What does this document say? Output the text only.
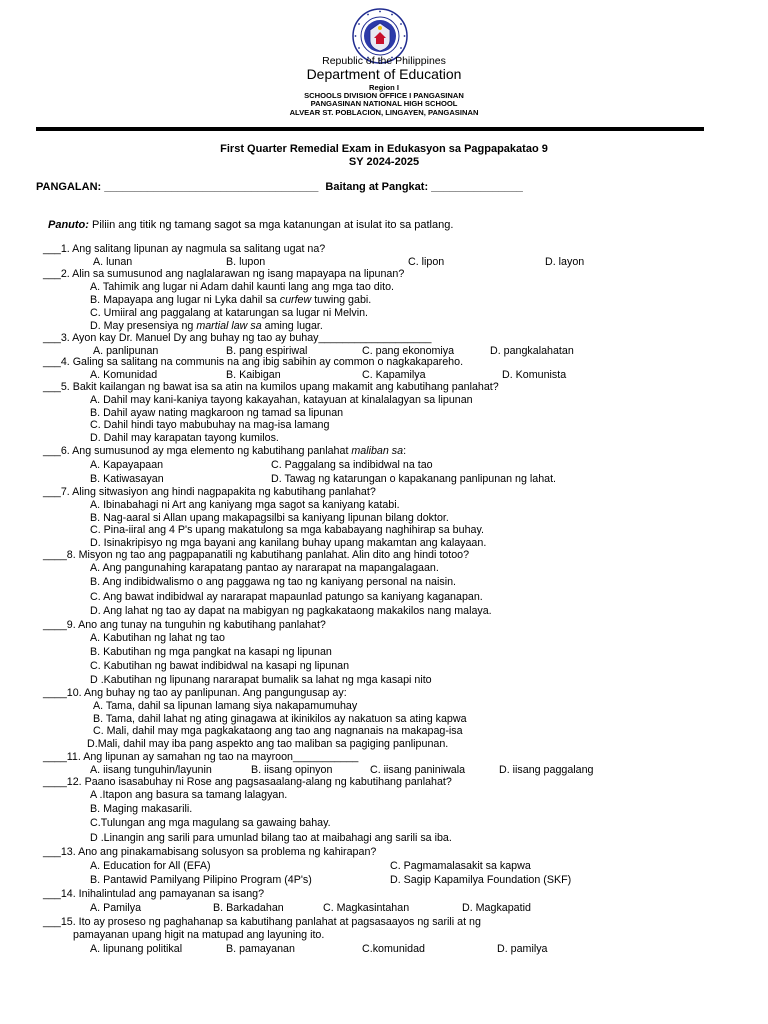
Republic of the Philippines
Department of Education
Region I
SCHOOLS DIVISION OFFICE I PANGASINAN
PANGASINAN NATIONAL HIGH SCHOOL
ALVEAR ST. POBLACION, LINGAYEN, PANGASINAN
First Quarter Remedial Exam in Edukasyon sa Pagpapakatao 9
SY 2024-2025
PANGALAN: ___________________________________ Baitang at Pangkat: _______________
Panuto: Piliin ang titik ng tamang sagot sa mga katanungan at isulat ito sa patlang.
___1. Ang salitang lipunan ay nagmula sa salitang ugat na?
A. lunan	B. lupon	C. lipon	D. layon
___2. Alin sa sumusunod ang naglalarawan ng isang mapayapa na lipunan?
A. Tahimik ang lugar ni Adam dahil kaunti lang ang mga tao dito.
B. Mapayapa ang lugar ni Lyka dahil sa curfew tuwing gabi.
C. Umiiral ang paggalang at katarungan sa lugar ni Melvin.
D. May presensiya ng martial law sa aming lugar.
___3. Ayon kay Dr. Manuel Dy ang buhay ng tao ay buhay___________________
A. panlipunan	B. pang espiriwal	C. pang ekonomiya	D. pangkalahatan
___4. Galing sa salitang na communis na ang ibig sabihin ay common o nagkakapareho.
A. Komunidad	B. Kaibigan	C. Kapamilya	D. Komunista
___5. Bakit kailangan ng bawat isa sa atin na kumilos upang makamit ang kabutihang panlahat?
A. Dahil may kani-kaniya tayong kakayahan, katayuan at kinalalagyan sa lipunan
B. Dahil ayaw nating magkaroon ng tamad sa lipunan
C. Dahil hindi tayo mabubuhay na mag-isa lamang
D. Dahil may karapatan tayong kumilos.
___6. Ang sumusunod ay mga elemento ng kabutihang panlahat maliban sa:
A. Kapayapaan	C. Paggalang sa indibidwal na tao
B. Katiwasayan	D. Tawag ng katarungan o kapakanang panlipunan ng lahat.
___7. Aling sitwasiyon ang hindi nagpapakita ng kabutihang panlahat?
A. Ibinabahagi ni Art ang kaniyang mga sagot sa kaniyang katabi.
B. Nag-aaral si Allan upang makapagsilbi sa kaniyang lipunan bilang doktor.
C. Pina-iiral ang 4 P's upang makatulong sa mga kababayang naghihirap sa buhay.
D. Isinakripisyo ng mga bayani ang kanilang buhay upang makamtan ang kalayaan.
____8. Misyon ng tao ang pagpapanatili ng kabutihang panlahat. Alin dito ang hindi totoo?
A. Ang pangunahing karapatang pantao ay nararapat na mapangalagaan.
B. Ang indibidwalismo o ang paggawa ng tao ng kaniyang personal na naisin.
C. Ang bawat indibidwal ay nararapat mapaunlad patungo sa kaniyang kaganapan.
D. Ang lahat ng tao ay dapat na mabigyan ng pagkakataong makakilos nang malaya.
____9. Ano ang tunay na tunguhin ng kabutihang panlahat?
A. Kabutihan ng lahat ng tao
B. Kabutihan ng mga pangkat na kasapi ng lipunan
C. Kabutihan ng bawat indibidwal na kasapi ng lipunan
D .Kabutihan ng lipunang nararapat bumalik sa lahat ng mga kasapi nito
____10. Ang buhay ng tao ay panlipunan. Ang pangungusap ay:
A. Tama, dahil sa lipunan lamang siya nakapamumuhay
B. Tama, dahil lahat ng ating ginagawa at ikinikilos ay nakatuon sa ating kapwa
C. Mali, dahil may mga pagkakataong ang tao ang nagnanais na makapag-isa
D.Mali, dahil may iba pang aspekto ang tao maliban sa pagiging panlipunan.
____11. Ang lipunan ay samahan ng tao na mayroon___________
A. iisang tunguhin/layunin	B. iisang opinyon	C. iisang paniniwala	D. iisang paggalang
____12. Paano isasabuhay ni Rose ang pagsasaalang-alang ng kabutihang panlahat?
A .Itapon ang basura sa tamang lalagyan.
B. Maging makasarili.
C.Tulungan ang mga magulang sa gawaing bahay.
D .Linangin ang sarili para umunlad bilang tao at maibahagi ang sarili sa iba.
___13. Ano ang pinakamabisang solusyon sa problema ng kahirapan?
A. Education for All (EFA)	C. Pagmamalasakit sa kapwa
B. Pantawid Pamilyang Pilipino Program (4P's)	D. Sagip Kapamilya Foundation (SKF)
___14. Inihalintulad ang pamayanan sa isang?
A. Pamilya	B. Barkadahan	C. Magkasintahan	D. Magkapatid
___15. Ito ay proseso ng paghahanap sa kabutihang panlahat at pagsasaayos ng sarili at ng
pamayanan upang higit na matupad ang layuning ito.
A. lipunang politikal	B. pamayanan	C.komunidad	D. pamilya
